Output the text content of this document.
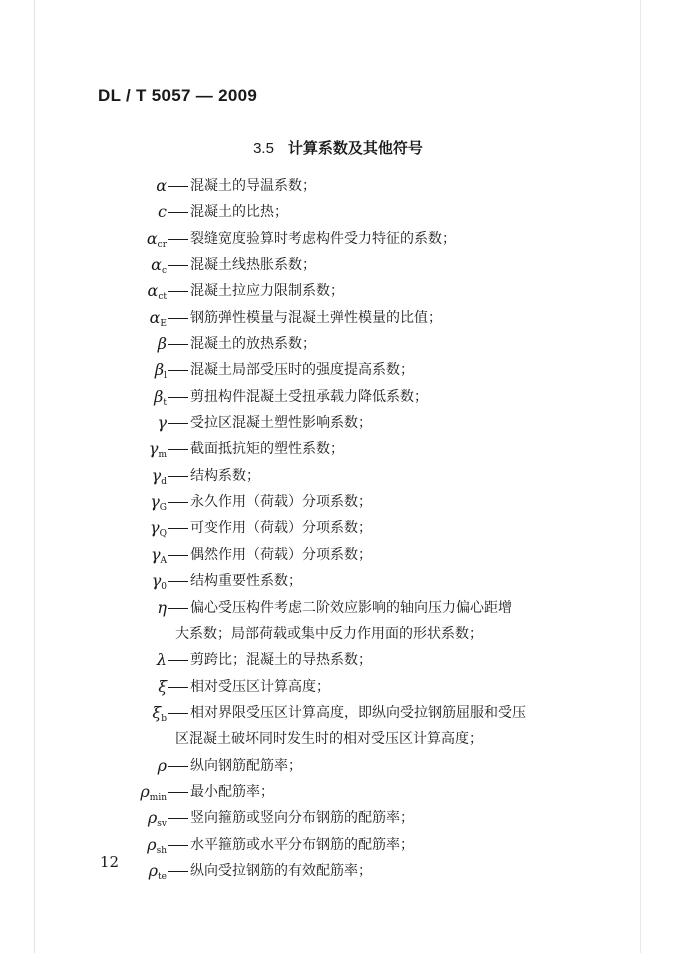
DL / T 5057 — 2009
3.5 计算系数及其他符号
α 混凝土的导温系数；
c 混凝土的比热；
$\alpha_{cr}$ 裂缝宽度验算时考虑构件受力特征的系数；
$\alpha_c$ 混凝土线热胀系数；
$\alpha_{ct}$ 混凝土拉应力限制系数；
$\alpha_E$ 钢筋弹性模量与混凝土弹性模量的比值；
β 混凝土的放热系数；
$\beta_l$ 混凝土局部受压时的强度提高系数；
$\beta_t$ 剪扭构件混凝土受扭承载力降低系数；
γ 受拉区混凝土塑性影响系数；
$\gamma_m$ 截面抵抗矩的塑性系数；
$\gamma_d$ 结构系数；
$\gamma_G$ 永久作用（荷载）分项系数；
$\gamma_Q$ 可变作用（荷载）分项系数；
$\gamma_A$ 偶然作用（荷载）分项系数；
$\gamma_0$ 结构重要性系数；
η 偏心受压构件考虑二阶效应影响的轴向压力偏心距增
大系数；局部荷载或集中反力作用面的形状系数；
λ 剪跨比；混凝土的导热系数；
ξ 相对受压区计算高度；
$\xi_b$ 相对界限受压区计算高度，即纵向受拉钢筋屈服和受压
区混凝土破坏同时发生时的相对受压区计算高度；
ρ 纵向钢筋配筋率；
$\rho_{min}$ 最小配筋率；
$\rho_{sv}$ 竖向箍筋或竖向分布钢筋的配筋率；
$\rho_{sh}$ 水平箍筋或水平分布钢筋的配筋率；
$\rho_{te}$ 纵向受拉钢筋的有效配筋率；
12
